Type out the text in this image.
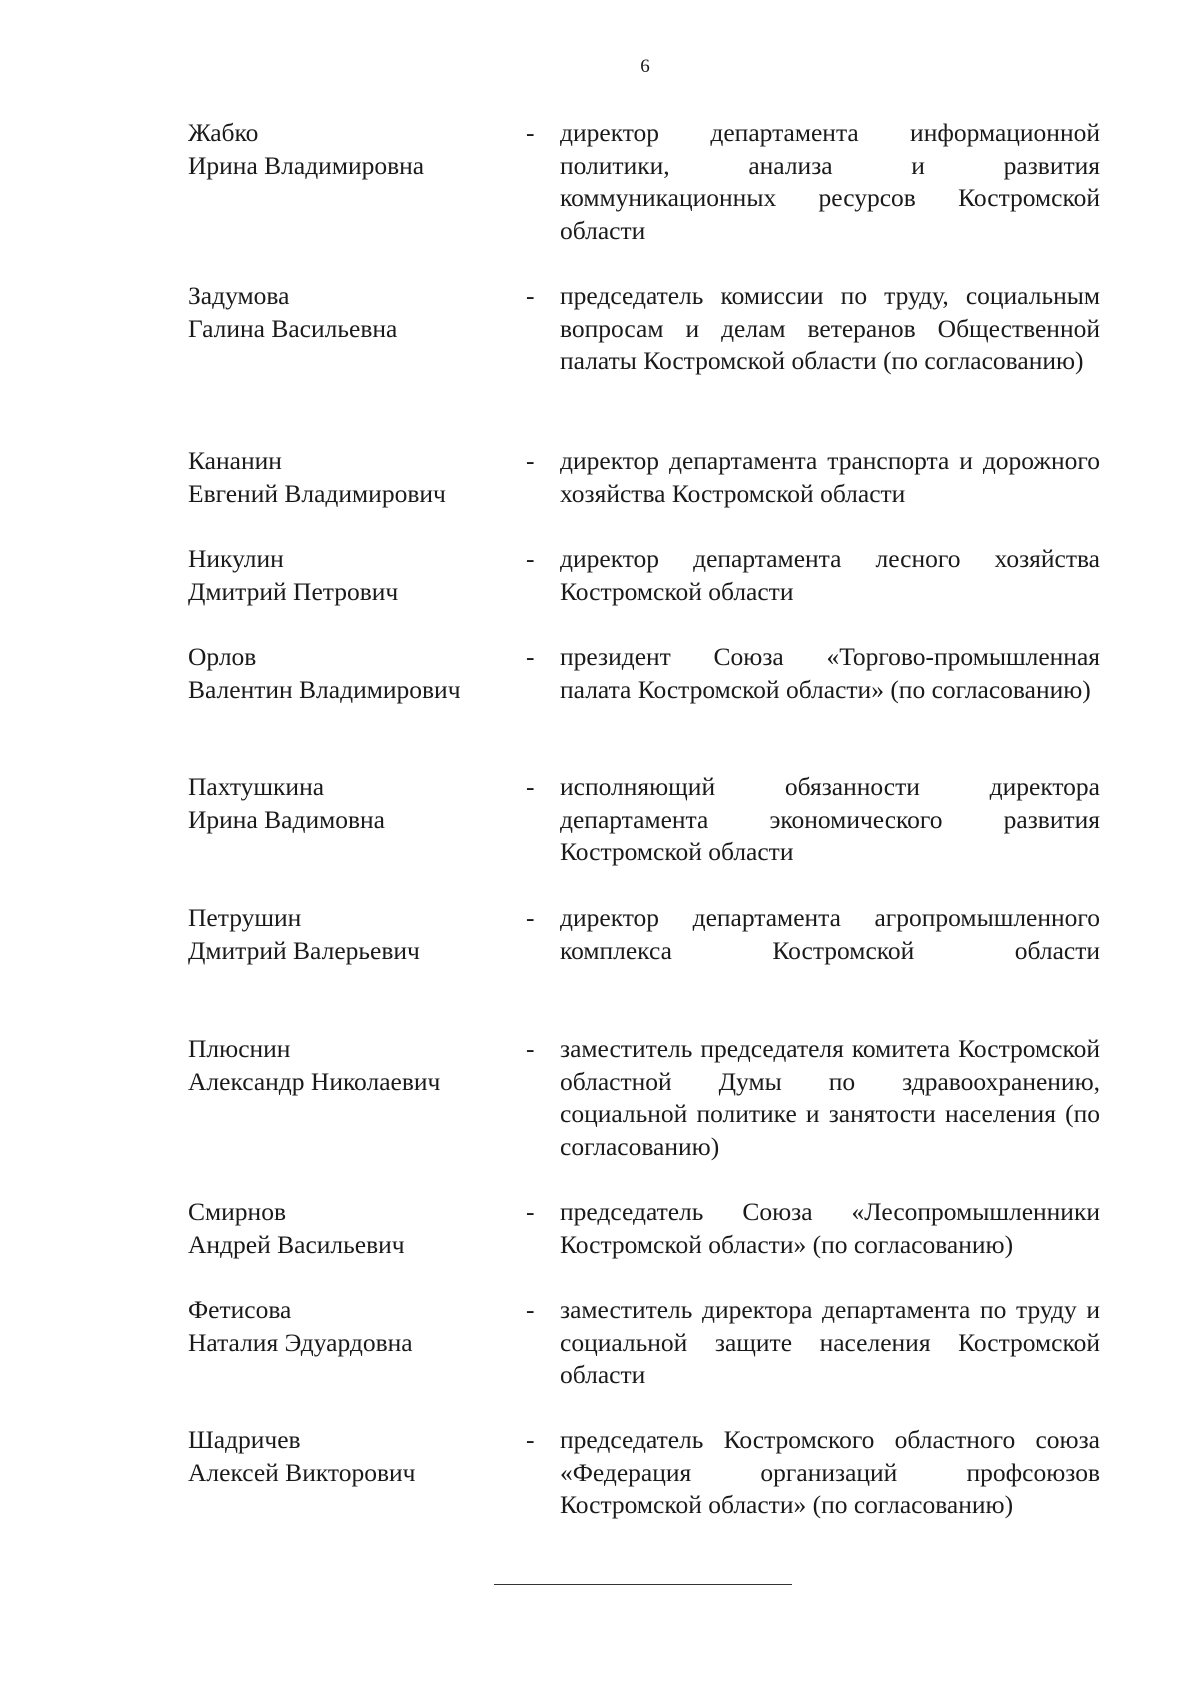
6
Жабко
Ирина Владимировна
- директор департамента информационной политики, анализа и развития коммуникационных ресурсов Костромской области
Задумова
Галина Васильевна
- председатель комиссии по труду, социальным вопросам и делам ветеранов Общественной палаты Костромской области (по согласованию)
Кананин
Евгений Владимирович
- директор департамента транспорта и дорожного хозяйства Костромской области
Никулин
Дмитрий Петрович
- директор департамента лесного хозяйства Костромской области
Орлов
Валентин Владимирович
- президент Союза «Торгово-промышленная палата Костромской области» (по согласованию)
Пахтушкина
Ирина Вадимовна
- исполняющий обязанности директора департамента экономического развития Костромской области
Петрушин
Дмитрий Валерьевич
- директор департамента агропромышленного комплекса Костромской области
Плюснин
Александр Николаевич
- заместитель председателя комитета Костромской областной Думы по здравоохранению, социальной политике и занятости населения (по согласованию)
Смирнов
Андрей Васильевич
- председатель Союза «Лесопромышленники Костромской области» (по согласованию)
Фетисова
Наталия Эдуардовна
- заместитель директора департамента по труду и социальной защите населения Костромской области
Шадричев
Алексей Викторович
- председатель Костромского областного союза «Федерация организаций профсоюзов Костромской области» (по согласованию)
